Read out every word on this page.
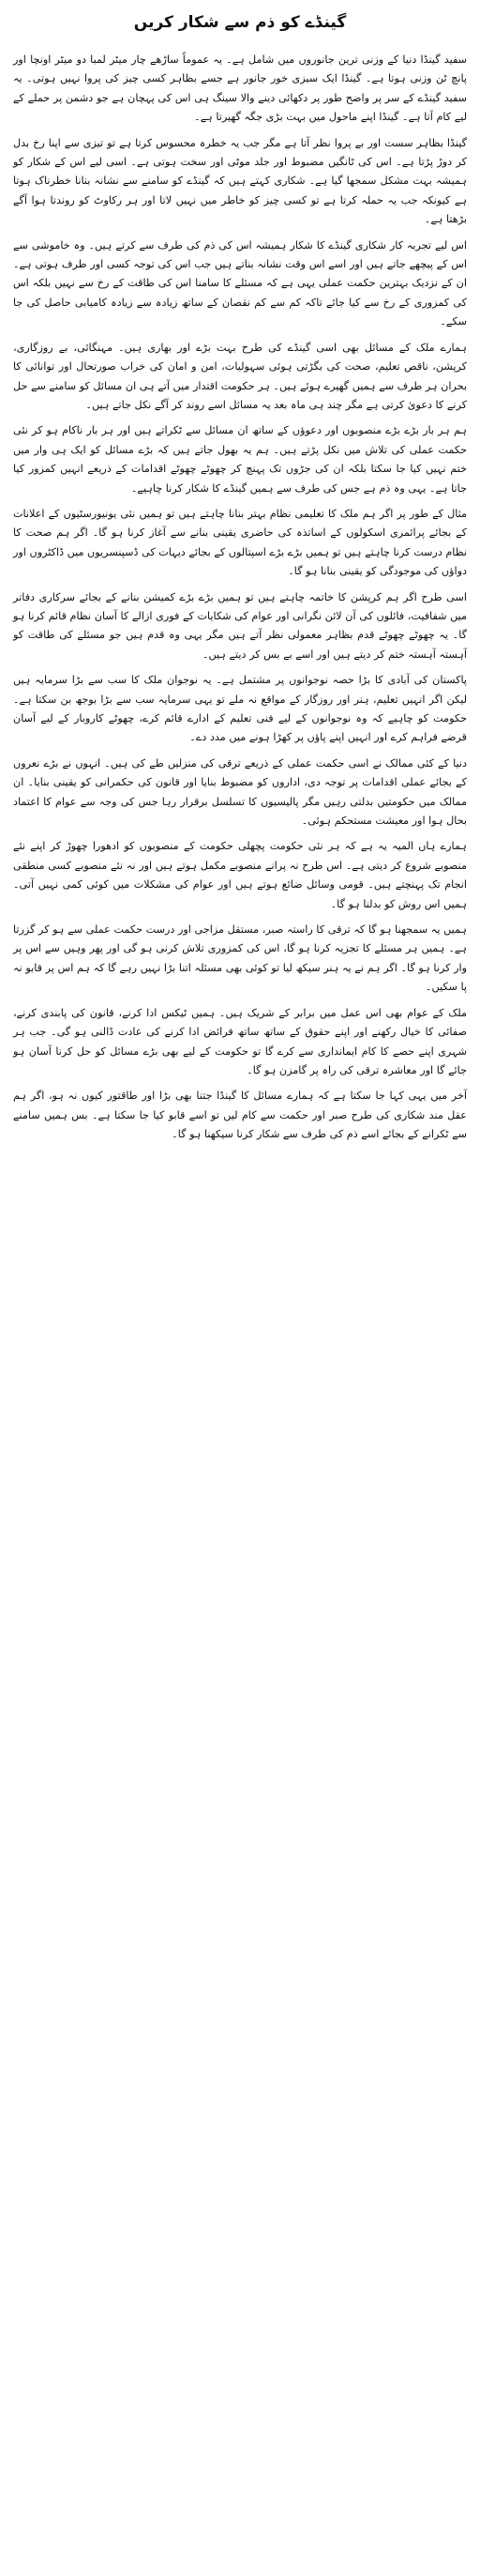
گینڈے کو ذم سے شکار کریں

سفید گینڈا دنیا کے وزنی ترین جانوروں میں شامل ہے۔ یہ عموماً ساڑھے چار میٹر لمبا دو میٹر اونچا اور پانچ ٹن وزنی ہوتا ہے۔ گینڈا ایک سبزی خور جانور ہے جسے بظاہر کسی چیز کی پروا نہیں ہوتی۔ یہ سفید گینڈے کے سر پر واضح طور پر دکھائی دینے والا سینگ ہی اس کی پہچان ہے جو دشمن پر حملے کے لیے کام آتا ہے۔ گینڈا اپنے ماحول میں بہت بڑی جگہ گھیرتا ہے۔

گینڈا بظاہر سست اور بے پروا نظر آتا ہے مگر جب یہ خطرہ محسوس کرتا ہے تو تیزی سے اپنا رخ بدل کر دوڑ پڑتا ہے۔ اس کی ٹانگیں مضبوط اور جلد موٹی اور سخت ہوتی ہے۔ اسی لیے اس کے شکار کو ہمیشہ بہت مشکل سمجھا گیا ہے۔ شکاری کہتے ہیں کہ گینڈے کو سامنے سے نشانہ بنانا خطرناک ہوتا ہے کیونکہ جب یہ حملہ کرتا ہے تو کسی چیز کو خاطر میں نہیں لاتا اور ہر رکاوٹ کو روندتا ہوا آگے بڑھتا ہے۔

اس لیے تجربہ کار شکاری گینڈے کا شکار ہمیشہ اس کی ذم کی طرف سے کرتے ہیں۔ وہ خاموشی سے اس کے پیچھے جاتے ہیں اور اسے اس وقت نشانہ بناتے ہیں جب اس کی توجہ کسی اور طرف ہوتی ہے۔ ان کے نزدیک بہترین حکمت عملی یہی ہے کہ مسئلے کا سامنا اس کی طاقت کے رخ سے نہیں بلکہ اس کی کمزوری کے رخ سے کیا جائے تاکہ کم سے کم نقصان کے ساتھ زیادہ سے زیادہ کامیابی حاصل کی جا سکے۔

ہمارے ملک کے مسائل بھی اسی گینڈے کی طرح بہت بڑے اور بھاری ہیں۔ مہنگائی، بے روزگاری، کرپشن، ناقص تعلیم، صحت کی بگڑتی ہوئی سہولیات، امن و امان کی خراب صورتحال اور توانائی کا بحران ہر طرف سے ہمیں گھیرے ہوئے ہیں۔ ہر حکومت اقتدار میں آتے ہی ان مسائل کو سامنے سے حل کرنے کا دعویٰ کرتی ہے مگر چند ہی ماہ بعد یہ مسائل اسے روند کر آگے نکل جاتے ہیں۔

ہم ہر بار بڑے بڑے منصوبوں اور دعوؤں کے ساتھ ان مسائل سے ٹکراتے ہیں اور ہر بار ناکام ہو کر نئی حکمت عملی کی تلاش میں نکل پڑتے ہیں۔ ہم یہ بھول جاتے ہیں کہ بڑے مسائل کو ایک ہی وار میں ختم نہیں کیا جا سکتا بلکہ ان کی جڑوں تک پہنچ کر چھوٹے چھوٹے اقدامات کے ذریعے انہیں کمزور کیا جاتا ہے۔ یہی وہ ذم ہے جس کی طرف سے ہمیں گینڈے کا شکار کرنا چاہیے۔

مثال کے طور پر اگر ہم ملک کا تعلیمی نظام بہتر بنانا چاہتے ہیں تو ہمیں نئی یونیورسٹیوں کے اعلانات کے بجائے پرائمری اسکولوں کے اساتذہ کی حاضری یقینی بنانے سے آغاز کرنا ہو گا۔ اگر ہم صحت کا نظام درست کرنا چاہتے ہیں تو ہمیں بڑے بڑے اسپتالوں کے بجائے دیہات کی ڈسپنسریوں میں ڈاکٹروں اور دواؤں کی موجودگی کو یقینی بنانا ہو گا۔

اسی طرح اگر ہم کرپشن کا خاتمہ چاہتے ہیں تو ہمیں بڑے بڑے کمیشن بنانے کے بجائے سرکاری دفاتر میں شفافیت، فائلوں کی آن لائن نگرانی اور عوام کی شکایات کے فوری ازالے کا آسان نظام قائم کرنا ہو گا۔ یہ چھوٹے چھوٹے قدم بظاہر معمولی نظر آتے ہیں مگر یہی وہ قدم ہیں جو مسئلے کی طاقت کو آہستہ آہستہ ختم کر دیتے ہیں اور اسے بے بس کر دیتے ہیں۔

پاکستان کی آبادی کا بڑا حصہ نوجوانوں پر مشتمل ہے۔ یہ نوجوان ملک کا سب سے بڑا سرمایہ ہیں لیکن اگر انہیں تعلیم، ہنر اور روزگار کے مواقع نہ ملے تو یہی سرمایہ سب سے بڑا بوجھ بن سکتا ہے۔ حکومت کو چاہیے کہ وہ نوجوانوں کے لیے فنی تعلیم کے ادارے قائم کرے، چھوٹے کاروبار کے لیے آسان قرضے فراہم کرے اور انہیں اپنے پاؤں پر کھڑا ہونے میں مدد دے۔

دنیا کے کئی ممالک نے اسی حکمت عملی کے ذریعے ترقی کی منزلیں طے کی ہیں۔ انہوں نے بڑے نعروں کے بجائے عملی اقدامات پر توجہ دی، اداروں کو مضبوط بنایا اور قانون کی حکمرانی کو یقینی بنایا۔ ان ممالک میں حکومتیں بدلتی رہیں مگر پالیسیوں کا تسلسل برقرار رہا جس کی وجہ سے عوام کا اعتماد بحال ہوا اور معیشت مستحکم ہوئی۔

ہمارے ہاں المیہ یہ ہے کہ ہر نئی حکومت پچھلی حکومت کے منصوبوں کو ادھورا چھوڑ کر اپنے نئے منصوبے شروع کر دیتی ہے۔ اس طرح نہ پرانے منصوبے مکمل ہوتے ہیں اور نہ نئے منصوبے کسی منطقی انجام تک پہنچتے ہیں۔ قومی وسائل ضائع ہوتے ہیں اور عوام کی مشکلات میں کوئی کمی نہیں آتی۔ ہمیں اس روش کو بدلنا ہو گا۔

ہمیں یہ سمجھنا ہو گا کہ ترقی کا راستہ صبر، مستقل مزاجی اور درست حکمت عملی سے ہو کر گزرتا ہے۔ ہمیں ہر مسئلے کا تجزیہ کرنا ہو گا، اس کی کمزوری تلاش کرنی ہو گی اور پھر وہیں سے اس پر وار کرنا ہو گا۔ اگر ہم نے یہ ہنر سیکھ لیا تو کوئی بھی مسئلہ اتنا بڑا نہیں رہے گا کہ ہم اس پر قابو نہ پا سکیں۔

ملک کے عوام بھی اس عمل میں برابر کے شریک ہیں۔ ہمیں ٹیکس ادا کرنے، قانون کی پابندی کرنے، صفائی کا خیال رکھنے اور اپنے حقوق کے ساتھ ساتھ فرائض ادا کرنے کی عادت ڈالنی ہو گی۔ جب ہر شہری اپنے حصے کا کام ایمانداری سے کرے گا تو حکومت کے لیے بھی بڑے مسائل کو حل کرنا آسان ہو جائے گا اور معاشرہ ترقی کی راہ پر گامزن ہو گا۔

آخر میں یہی کہا جا سکتا ہے کہ ہمارے مسائل کا گینڈا جتنا بھی بڑا اور طاقتور کیوں نہ ہو، اگر ہم عقل مند شکاری کی طرح صبر اور حکمت سے کام لیں تو اسے قابو کیا جا سکتا ہے۔ بس ہمیں سامنے سے ٹکرانے کے بجائے اسے ذم کی طرف سے شکار کرنا سیکھنا ہو گا۔
